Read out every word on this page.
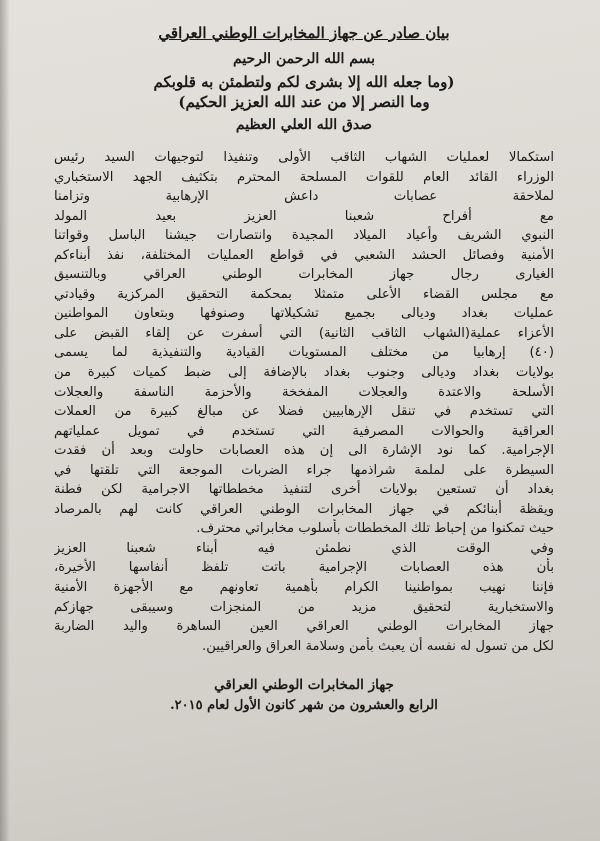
بيان صادر عن جهاز المخابرات الوطني العراقي
بسم الله الرحمن الرحيم
(وما جعله الله إلا بشرى لكم ولتطمئن به قلوبكم
وما النصر إلا من عند الله العزيز الحكيم)
صدق الله العلي العظيم
استكمالا لعمليات الشهاب الثاقب الأولى وتنفيذا لتوجيهات السيد رئيس
الوزراء القائد العام للقوات المسلحة المحترم بتكثيف الجهد الاستخباري
لملاحقة عصابات داعش الإرهابية وتزامنا
مع أفراح شعبنا العزيز بعيد المولد
النبوي الشريف وأعياد الميلاد المجيدة وانتصارات جيشنا الباسل وقواتنا
الأمنية وفصائل الحشد الشعبي في قواطع العمليات المختلفة، نفذ أبناءكم
الغيارى رجال جهاز المخابرات الوطني العراقي وبالتنسيق
مع مجلس القضاء الأعلى متمثلا بمحكمة التحقيق المركزية وقيادتي
عمليات بغداد وديالى بجميع تشكيلاتها وصنوفها وبتعاون المواطنين
الأعزاء عملية(الشهاب الثاقب الثانية) التي أسفرت عن إلقاء القبض على
(٤٠) إرهابيا من مختلف المستويات القيادية والتنفيذية لما يسمى
بولايات بغداد وديالى وجنوب بغداد بالإضافة إلى ضبط كميات كبيرة من
الأسلحة والاعتدة والعجلات المفخخة والأحزمة الناسفة والعجلات
التي تستخدم في تنقل الإرهابيين فضلا عن مبالغ كبيرة من العملات
العراقية والحوالات المصرفية التي تستخدم في تمويل عملياتهم
الإجرامية. كما نود الإشارة الى إن هذه العصابات حاولت وبعد أن فقدت
السيطرة على لملمة شراذمها جراء الضربات الموجعة التي تلقتها في
بغداد أن تستعين بولايات أخرى لتنفيذ مخططاتها الاجرامية لكن فطنة
ويقظة أبنائكم في جهاز المخابرات الوطني العراقي كانت لهم بالمرصاد
حيث تمكنوا من إحباط تلك المخططات بأسلوب مخابراتي محترف.
وفي الوقت الذي نطمئن فيه أبناء شعبنا العزيز
بأن هذه العصابات الإجرامية باتت تلفظ أنفاسها الأخيرة،
فإننا نهيب بمواطنينا الكرام بأهمية تعاونهم مع الأجهزة الأمنية
والاستخبارية لتحقيق مزيد من المنجزات وسيبقى جهازكم
جهاز المخابرات الوطني العراقي العين الساهرة واليد الضاربة
لكل من تسول له نفسه أن يعبث بأمن وسلامة العراق والعراقيين.
جهاز المخابرات الوطني العراقي
الرابع والعشرون من شهر كانون الأول لعام ٢٠١٥.
